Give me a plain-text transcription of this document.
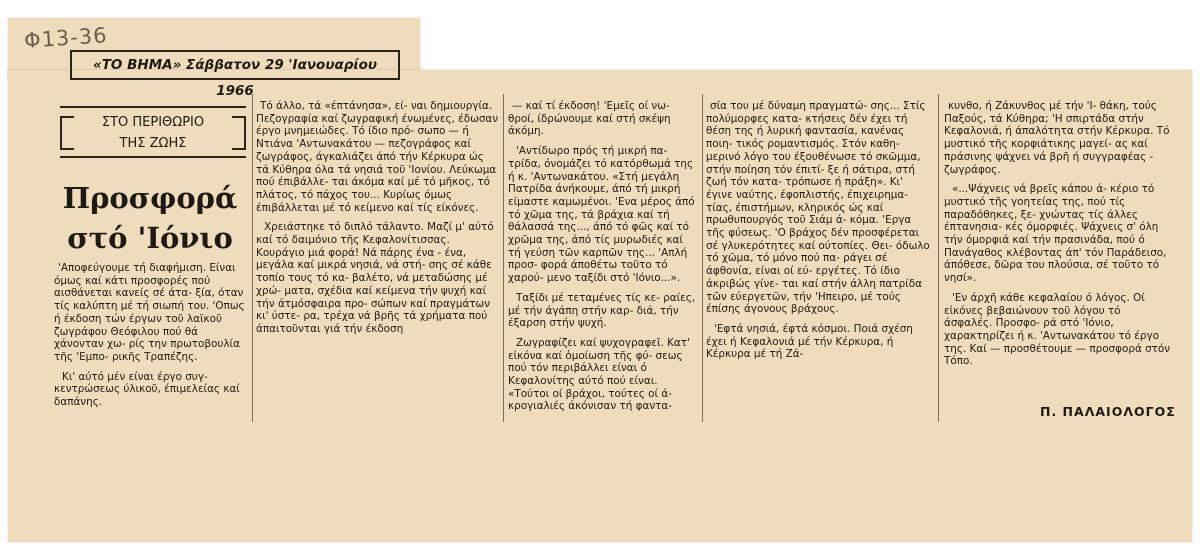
Φ13-36
«ΤΟ ΒΗΜΑ» Σάββατον 29 'Ιανουαρίου 1966
ΣΤΟ ΠΕΡΙΘΩΡΙΟ
ΤΗΣ ΖΩΗΣ
Προσφορά
στό 'Ιόνιο

'Αποφεύγουμε τή διαφήμιση. Είναι όμως καί κάτι προσφορές πού αισθάνεται κανείς σέ άτα- ξία, όταν τίς καλύπτη μέ τή σιωπή του. 'Οπως ή έκδοση τών έργων τοῦ λαϊκοῦ ζωγράφου Θεόφιλου πού θά χάνονταν χω- ρίς την πρωτοβουλία τῆς 'Εμπο- ρικῆς Τραπέζης.

Κι' αύτό μέν είναι έργο συγ- κεντρώσεως ύλικοῦ, έπιμελείας καί δαπάνης.

Τό άλλο, τά «έπτάνησα», εί- ναι δημιουργία. Πεζογραφία καί ζωγραφική ένωμένες, έδωσαν έργο μνημειώδες. Τό ίδιο πρό- σωπο — ή Ντιάνα 'Αντωνακάτου — πεζογράφος καί ζωγράφος, άγκαλιάζει άπό τήν Κέρκυρα ώς τά Κύθηρα όλα τά νησιά τοῦ 'Ιονίου. Λεύκωμα πού έπιβάλλε- ται άκόμα καί μέ τό μῆκος, τό πλάτος, τό πάχος του... Κυρίως όμως έπιβάλλεται μέ τό κείμενο καί τίς είκόνες.

Χρειάστηκε τό διπλό τάλαντο. Μαζί μ' αύτό καί τό δαιμόνιο τῆς Κεφαλονίτισσας. Κουράγιο μιά φορά! Νά πάρης ένα - ένα, μεγάλα καί μικρά νησιά, νά στή- σης σέ κάθε τοπίο τους τό κα- βαλέτο, νά μεταδώσης μέ χρώ- ματα, σχέδια καί κείμενα τήν ψυχή καί τήν άτμόσφαιρα προ- σώπων καί πραγμάτων κι' ύστε- ρα, τρέχα νά βρῆς τά χρήματα πού άπαιτοῦνται γιά τήν έκδοση

— καί τί έκδοση! 'Εμεῖς οί νω- θροί, ίδρώνουμε καί στή σκέψη άκόμη.

'Αντίδωρο πρός τή μικρή πα- τρίδα, όνομάζει τό κατόρθωμά της ή κ. 'Αντωνακάτου. «Στή μεγάλη Πατρίδα άνήκουμε, άπό τή μικρή είμαστε καμωμένοι. 'Ενα μέρος άπό τό χῶμα της, τά βράχια καί τή θάλασσά της..., άπό τό φῶς καί τό χρῶμα της, άπό τίς μυρωδιές καί τή γεύση τῶν καρπῶν της... 'Απλή προσ- φορά άποθέτω τοῦτο τό χαρού- μενο ταξίδι στό 'Ιόνιο...».

Ταξίδι μέ τεταμένες τίς κε- ραίες, μέ τήν άγάπη στήν καρ- διά, τήν έξαρση στήν ψυχή.

Ζωγραφίζει καί ψυχογραφεῖ. Κατ' εἰκόνα καί ὁμοίωση τῆς φύ- σεως πού τόν περιβάλλει είναι ό Κεφαλονίτης αύτό πού είναι. «Τούτοι οί βράχοι, τούτες οί ά- κρογιαλιές άκόνισαν τή φαντα-

σία του μέ δύναμη πραγματώ- σης... Στίς πολύμορφες κατα- κτήσεις δέν έχει τή θέση της ή λυρική φαντασία, κανένας ποιη- τικός ρομαντισμός. Στόν καθη- μερινό λόγο του έξουθένωσε τό σκῶμμα, στήν ποίηση τόν έπιτί- ξε ή σάτιρα, στή ζωή τόν κατα- τρόπωσε ή πράξη». Κι' έγινε ναύτης, έφοπλιστής, έπιχειρημα- τίας, έπιστήμων, κληρικός ώς καί πρωθυπουργός τοῦ Σιάμ ά- κόμα. 'Εργα τῆς φύσεως. 'Ο βράχος δέν προσφέρεται σέ γλυκερότητες καί ούτοπίες. Θει- όδωλο τό χῶμα, τό μόνο πού πα- ράγει σέ άφθονία, είναι οί εύ- εργέτες. Τό ίδιο άκριβώς γίνε- ται καί στήν άλλη πατρίδα τῶν εύεργετῶν, τήν 'Ηπειρο, μέ τούς έπίσης άγονους βράχους.

'Εφτά νησιά, έφτά κόσμοι. Ποιά σχέση έχει ή Κεφαλονιά μέ τήν Κέρκυρα, ή Κέρκυρα μέ τή Ζά-

κυνθο, ή Ζάκυνθος μέ τήν 'Ι- θάκη, τούς Παξούς, τά Κύθηρα; 'Η σπιρτάδα στήν Κεφαλονιά, ή άπαλότητα στήν Κέρκυρα. Τό μυστικό τῆς κορφιάτικης μαγεί- ας καί πράσινης ψάχνει νά βρῆ ή συγγραφέας - ζωγράφος.

«...Ψάχνεις νά βρεῖς κάπου ά- κέριο τό μυστικό τῆς γοητείας της, πού τίς παραδόθηκες, ξε- χνώντας τίς άλλες έπτανησια- κές όμορφιές. Ψάχνεις σ' όλη τήν όμορφιά καί τήν πρασινάδα, πού ό Πανάγαθος κλέβοντας άπ' τόν Παράδεισο, άπόθεσε, δῶρα του πλούσια, σέ τοῦτο τό νησί».

'Εν άρχῆ κάθε κεφαλαίου ό λόγος. Οί εἰκόνες βεβαιώνουν τοῦ λόγου τό άσφαλές. Προσφο- ρά στό 'Ιόνιο, χαρακτηρίζει ή κ. 'Αντωνακάτου τό έργο της. Καί — προσθέτουμε — προσφορά στόν Τόπο.

Π. ΠΑΛΑΙΟΛΟΓΟΣ
